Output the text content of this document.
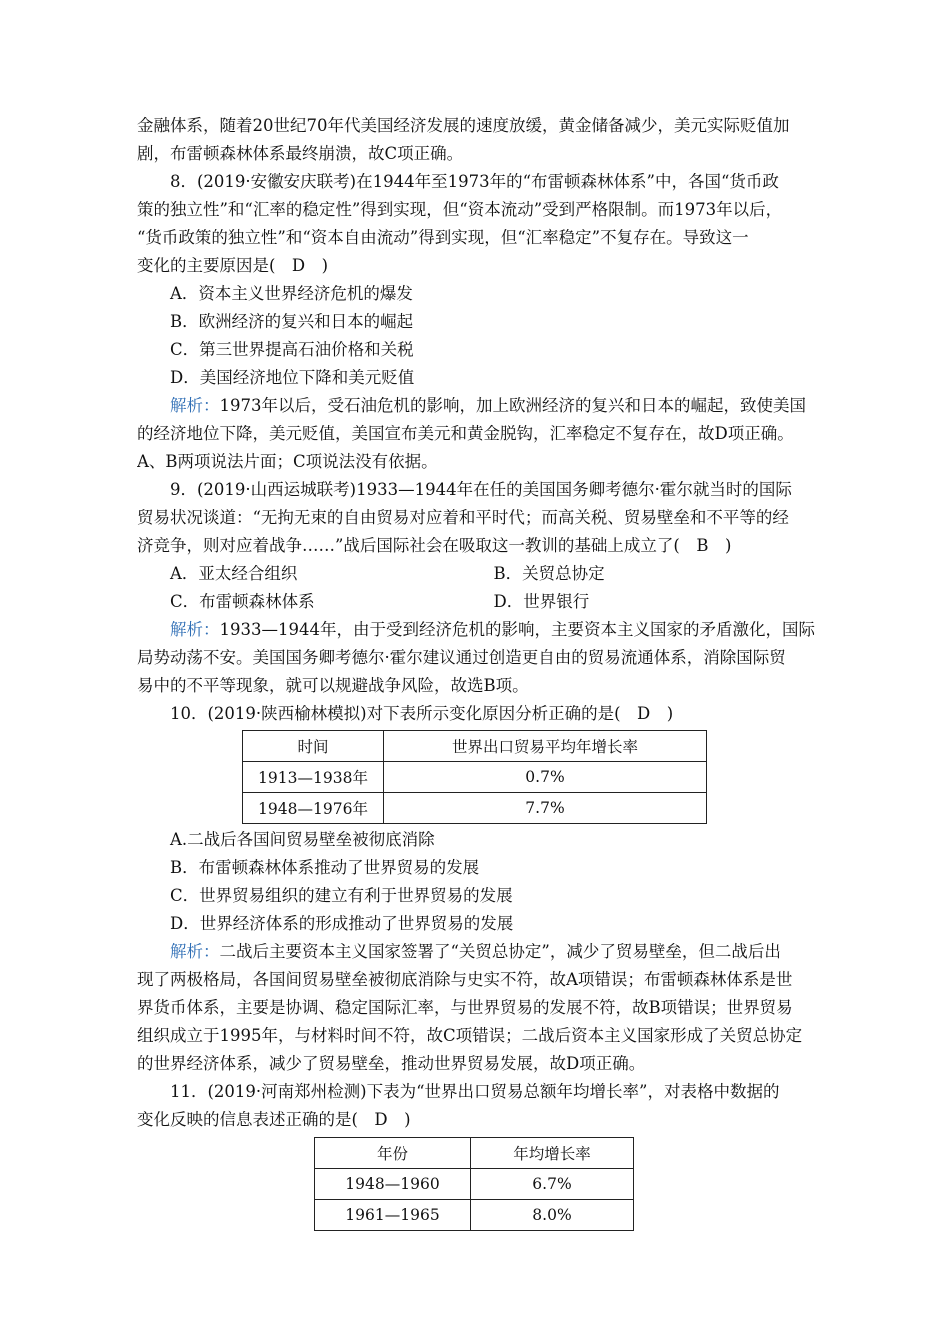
金融体系，随着20世纪70年代美国经济发展的速度放缓，黄金储备减少，美元实际贬值加
剧，布雷顿森林体系最终崩溃，故C项正确。
8．(2019·安徽安庆联考)在1944年至1973年的“布雷顿森林体系”中，各国“货币政
策的独立性”和“汇率的稳定性”得到实现，但“资本流动”受到严格限制。而1973年以后，
“货币政策的独立性”和“资本自由流动”得到实现，但“汇率稳定”不复存在。导致这一
变化的主要原因是(　D　)
A．资本主义世界经济危机的爆发
B．欧洲经济的复兴和日本的崛起
C．第三世界提高石油价格和关税
D．美国经济地位下降和美元贬值
解析：1973年以后，受石油危机的影响，加上欧洲经济的复兴和日本的崛起，致使美国
的经济地位下降，美元贬值，美国宣布美元和黄金脱钩，汇率稳定不复存在，故D项正确。
A、B两项说法片面；C项说法没有依据。
9．(2019·山西运城联考)1933—1944年在任的美国国务卿考德尔·霍尔就当时的国际
贸易状况谈道：“无拘无束的自由贸易对应着和平时代；而高关税、贸易壁垒和不平等的经
济竞争，则对应着战争……”战后国际社会在吸取这一教训的基础上成立了(　B　)
A．亚太经合组织	B．关贸总协定
C．布雷顿森林体系	D．世界银行
解析：1933—1944年，由于受到经济危机的影响，主要资本主义国家的矛盾激化，国际
局势动荡不安。美国国务卿考德尔·霍尔建议通过创造更自由的贸易流通体系，消除国际贸
易中的不平等现象，就可以规避战争风险，故选B项。
10．(2019·陕西榆林模拟)对下表所示变化原因分析正确的是(　D　)
时间	世界出口贸易平均年增长率
1913—1938年	0.7%
1948—1976年	7.7%
A.二战后各国间贸易壁垒被彻底消除
B．布雷顿森林体系推动了世界贸易的发展
C．世界贸易组织的建立有利于世界贸易的发展
D．世界经济体系的形成推动了世界贸易的发展
解析：二战后主要资本主义国家签署了“关贸总协定”，减少了贸易壁垒，但二战后出
现了两极格局，各国间贸易壁垒被彻底消除与史实不符，故A项错误；布雷顿森林体系是世
界货币体系，主要是协调、稳定国际汇率，与世界贸易的发展不符，故B项错误；世界贸易
组织成立于1995年，与材料时间不符，故C项错误；二战后资本主义国家形成了关贸总协定
的世界经济体系，减少了贸易壁垒，推动世界贸易发展，故D项正确。
11．(2019·河南郑州检测)下表为“世界出口贸易总额年均增长率”，对表格中数据的
变化反映的信息表述正确的是(　D　)
年份	年均增长率
1948—1960	6.7%
1961—1965	8.0%
